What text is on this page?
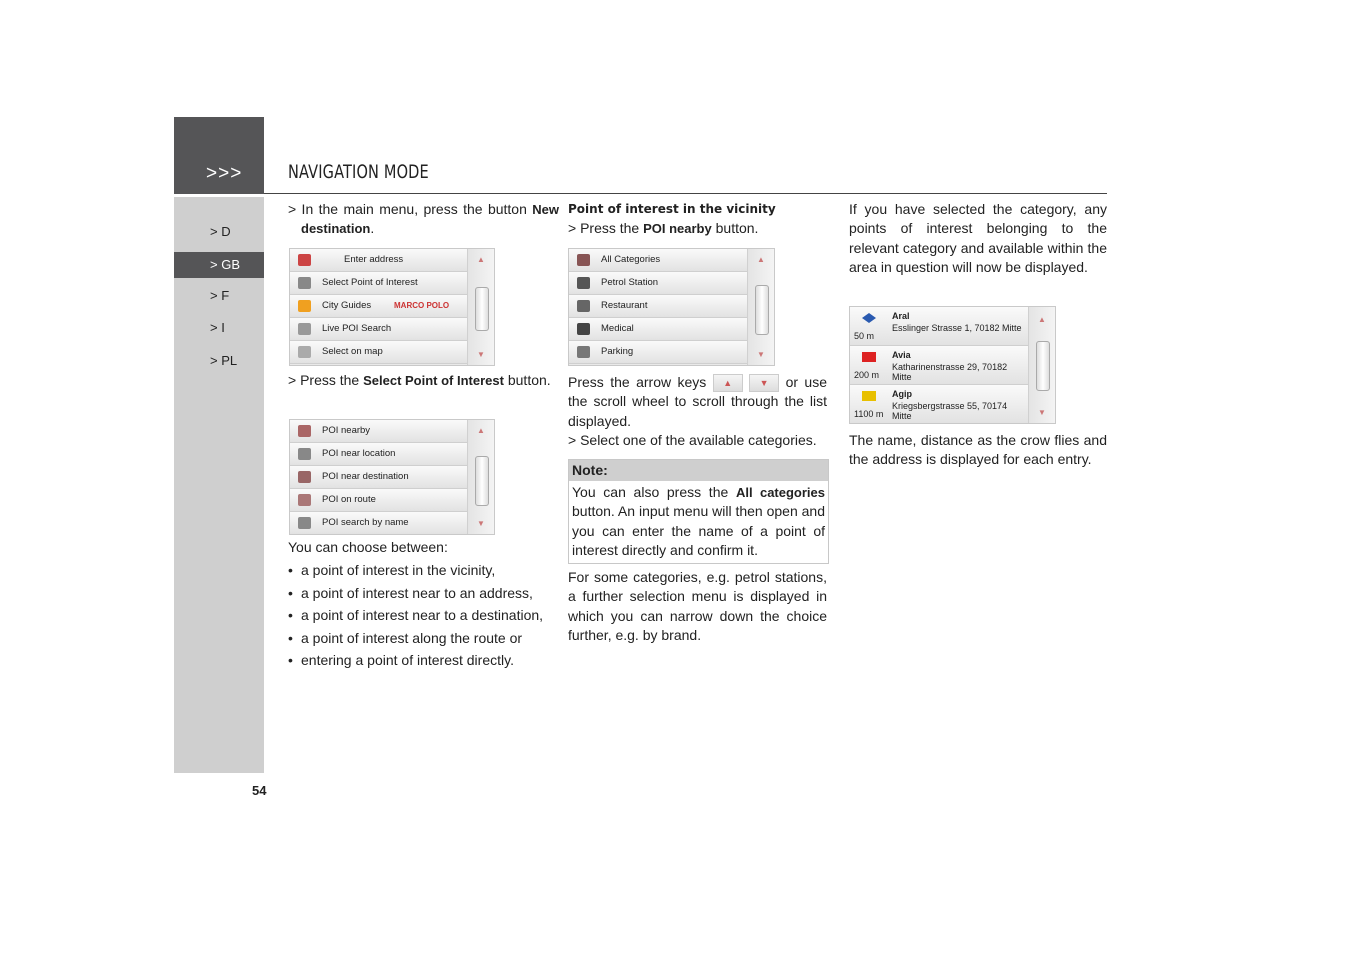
>>>
> D
> GB
> F
> I
> PL
NAVIGATION MODE
54
> In the main menu, press the button New destination.
Enter address
Select Point of Interest
City Guides	MARCO POLO
Live POI Search
Select on map
▲
▼
> Press the Select Point of Interest button.
POI nearby
POI near location
POI near destination
POI on route
POI search by name
▲
▼
You can choose between:
• a point of interest in the vicinity,
• a point of interest near to an address,
• a point of interest near to a destination,
• a point of interest along the route or
• entering a point of interest directly.
Point of interest in the vicinity
> Press the POI nearby button.
All Categories
Petrol Station
Restaurant
Medical
Parking
▲
▼
Press the arrow keys ▲	▼ or use the scroll wheel to scroll through the list displayed.
> Select one of the available categories.
Note:
You can also press the All categories button. An input menu will then open and you can enter the name of a point of interest directly and confirm it.
For some categories, e.g. petrol stations, a further selection menu is displayed in which you can narrow down the choice further, e.g. by brand.
If you have selected the category, any points of interest belonging to the relevant category and available within the area in question will now be displayed.
50 m
Aral
Esslinger Strasse 1, 70182 Mitte
200 m
Avia
Katharinenstrasse 29, 70182 Mitte
1100 m
Agip
Kriegsbergstrasse 55, 70174 Mitte
▲
▼
The name, distance as the crow flies and the address is displayed for each entry.
